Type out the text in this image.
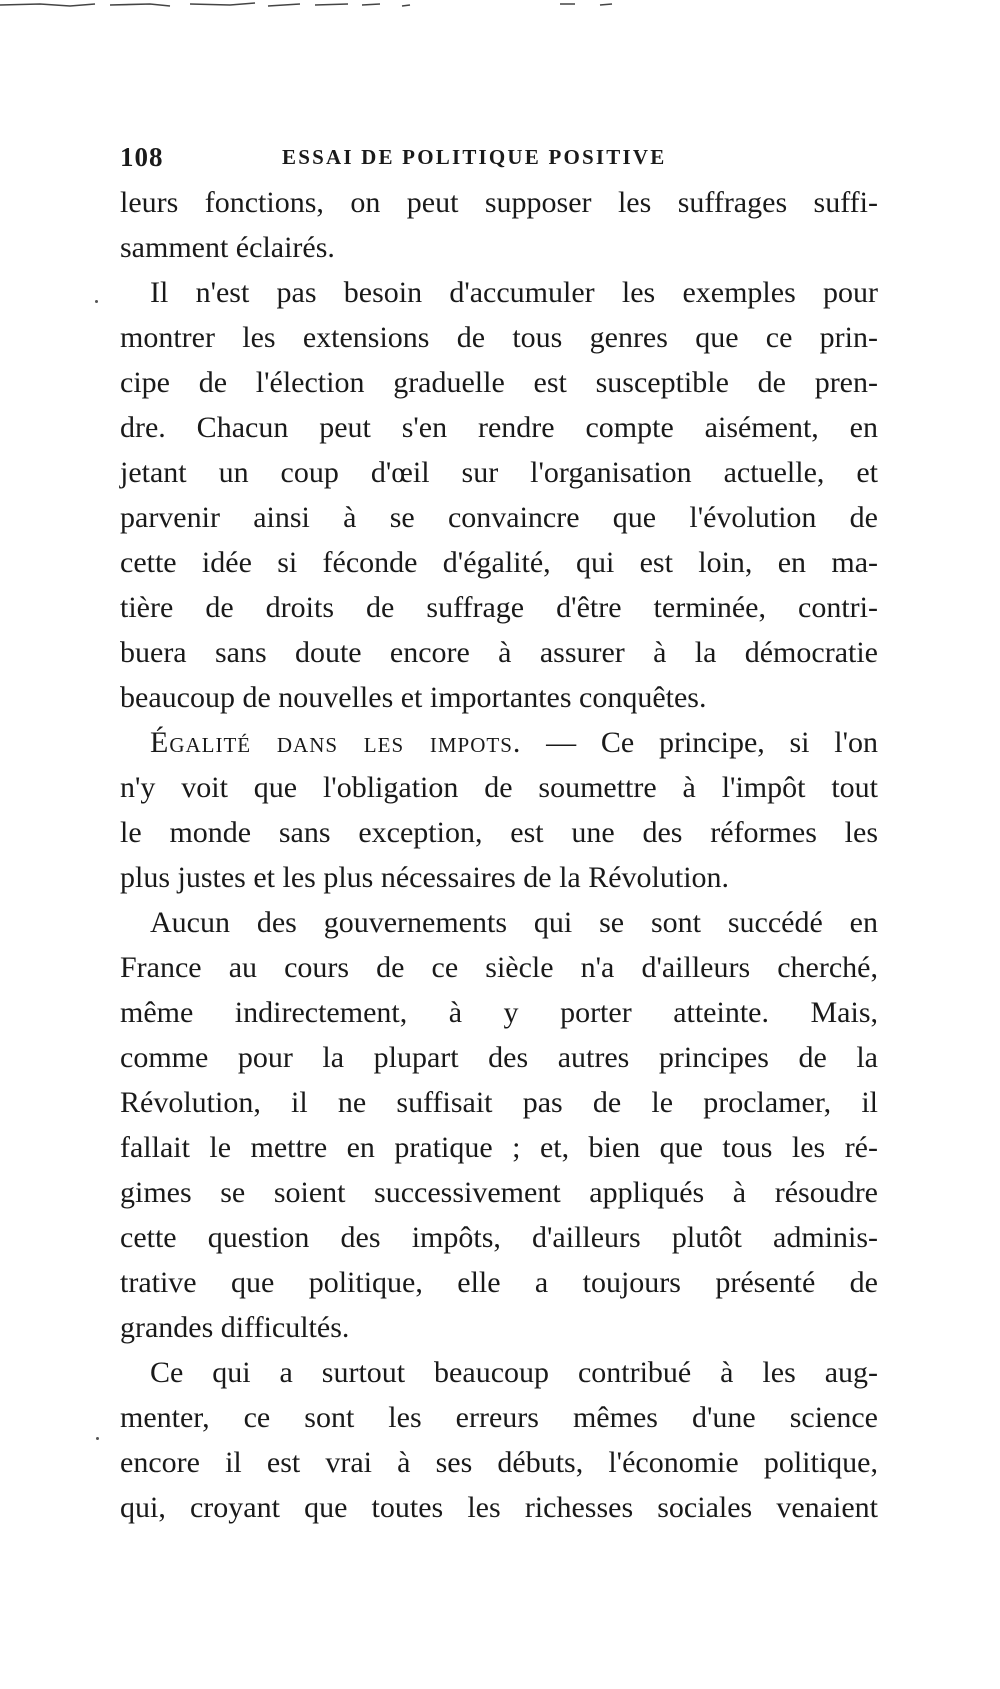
108	ESSAI DE POLITIQUE POSITIVE
leurs fonctions, on peut supposer les suffrages suffi-
samment éclairés.
Il n'est pas besoin d'accumuler les exemples pour
montrer les extensions de tous genres que ce prin-
cipe de l'élection graduelle est susceptible de pren-
dre. Chacun peut s'en rendre compte aisément, en
jetant un coup d'œil sur l'organisation actuelle, et
parvenir ainsi à se convaincre que l'évolution de
cette idée si féconde d'égalité, qui est loin, en ma-
tière de droits de suffrage d'être terminée, contri-
buera sans doute encore à assurer à la démocratie
beaucoup de nouvelles et importantes conquêtes.
Égalité dans les impots. — Ce principe, si l'on
n'y voit que l'obligation de soumettre à l'impôt tout
le monde sans exception, est une des réformes les
plus justes et les plus nécessaires de la Révolution.
Aucun des gouvernements qui se sont succédé en
France au cours de ce siècle n'a d'ailleurs cherché,
même indirectement, à y porter atteinte. Mais,
comme pour la plupart des autres principes de la
Révolution, il ne suffisait pas de le proclamer, il
fallait le mettre en pratique ; et, bien que tous les ré-
gimes se soient successivement appliqués à résoudre
cette question des impôts, d'ailleurs plutôt adminis-
trative que politique, elle a toujours présenté de
grandes difficultés.
Ce qui a surtout beaucoup contribué à les aug-
menter, ce sont les erreurs mêmes d'une science
encore il est vrai à ses débuts, l'économie politique,
qui, croyant que toutes les richesses sociales venaient
